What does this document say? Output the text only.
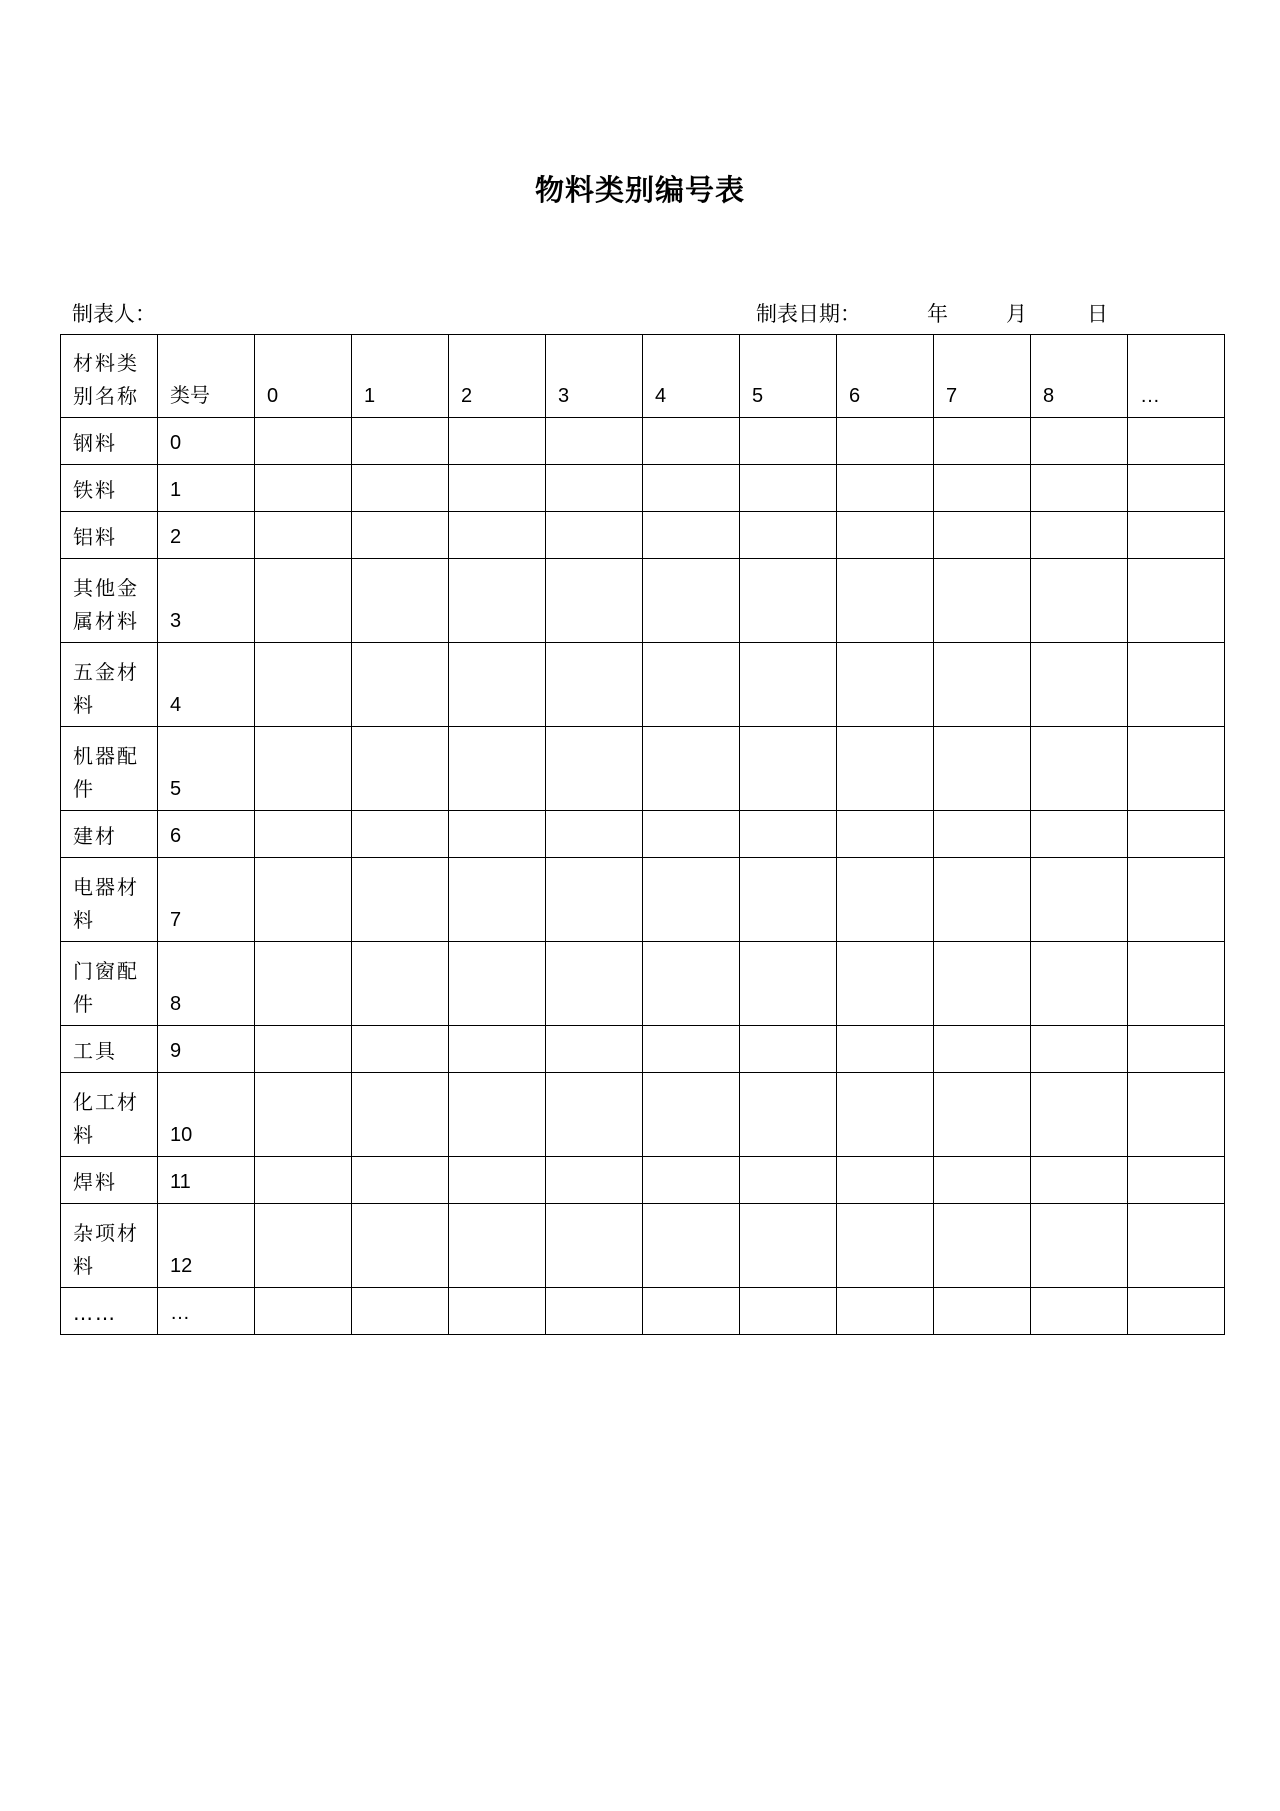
物料类别编号表
制表人：	制表日期：	年	月	日
材料类
别名称	类号	0	1	2	3	4	5	6	7	8	…

钢料	0										

铁料	1										

铝料	2										

其他金
属材料	3										

五金材
料	4										

机器配
件	5										

建材	6										

电器材
料	7										

门窗配
件	8										

工具	9										

化工材
料	10										

焊料	11										

杂项材
料	12										

……	…										
